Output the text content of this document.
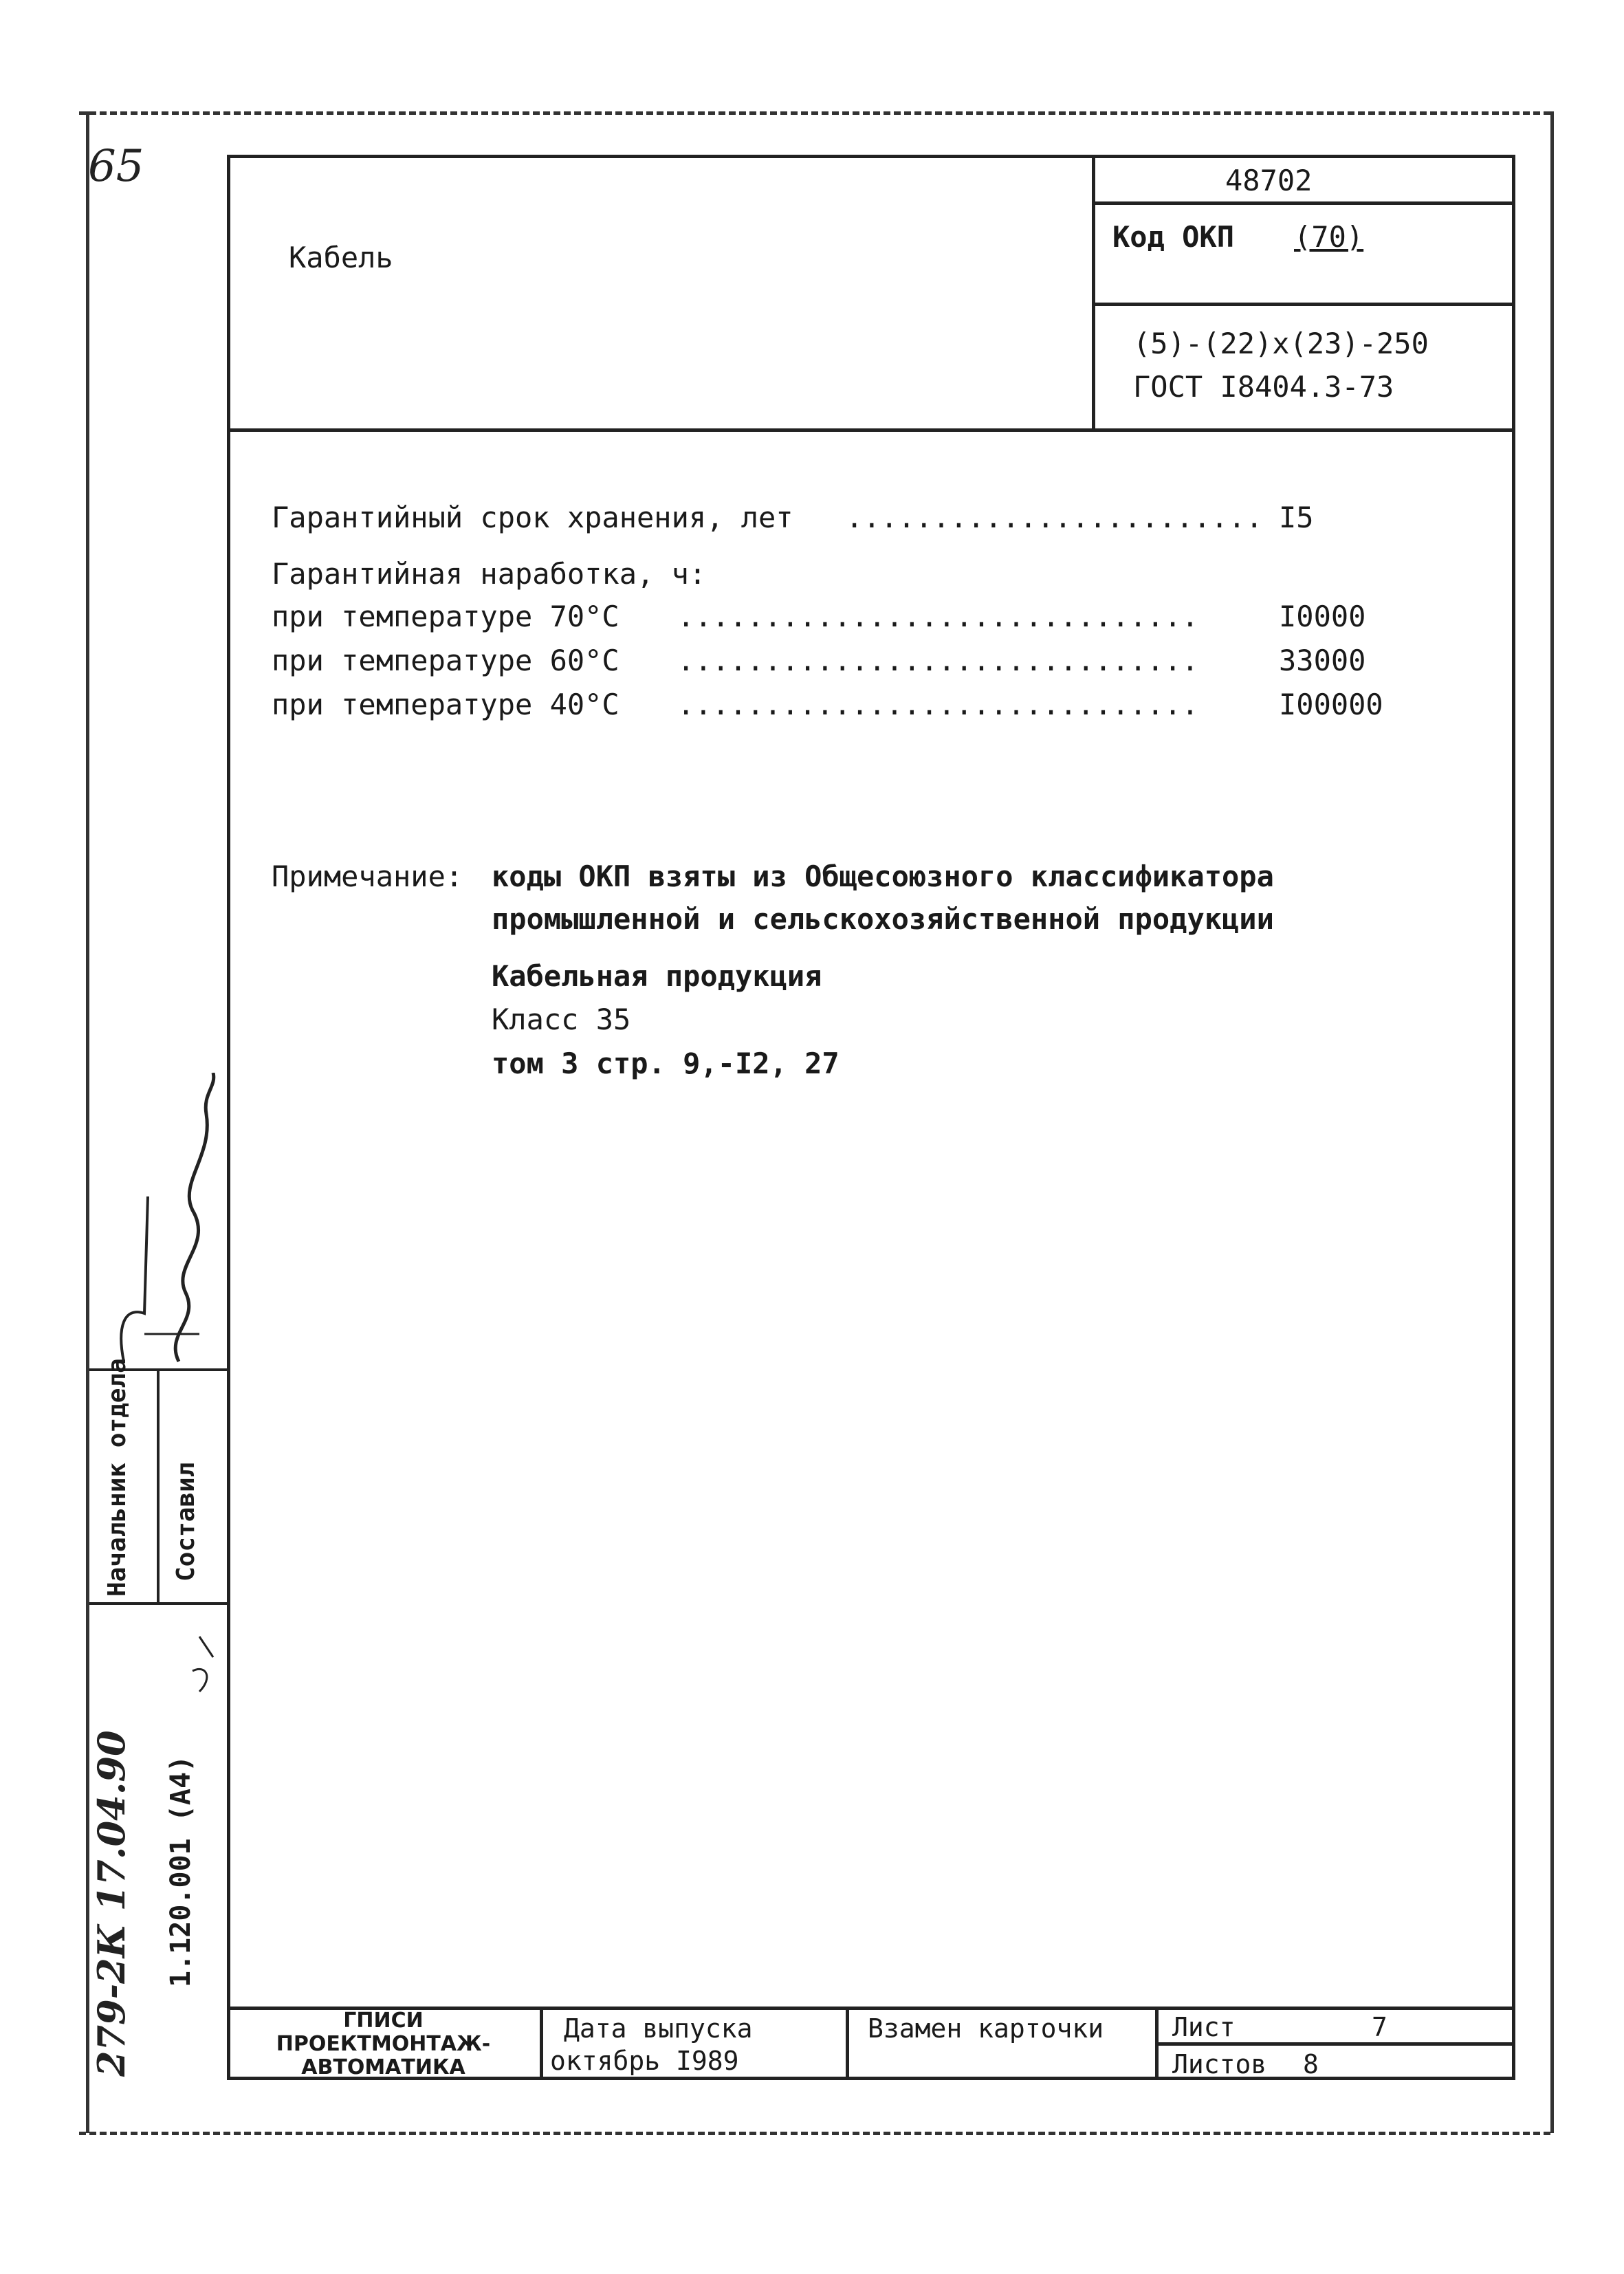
65
Кабель
48702
Код ОКП (70)
(5)-(22)x(23)-250
ГОСТ I8404.3-73
Гарантийный срок хранения, лет ........................ I5
Гарантийная наработка, ч:
при температуре 70°С ..............................	I0000
при температуре 60°С ..............................	33000
при температуре 40°С ..............................	I00000
Примечание: коды ОКП взяты из Общесоюзного классификатора
промышленной и сельскохозяйственной продукции
Кабельная продукция
Класс 35
том 3 стр. 9,-I2, 27
ГПИСИ
ПРОЕКТМОНТАЖ-
АВТОМАТИКА
Дата выпуска
октябрь I989
Взамен карточки	Лист	7
Листов 8
Начальник отдела Составил
279-2К 17.04.90 1.120.001 (А4)
